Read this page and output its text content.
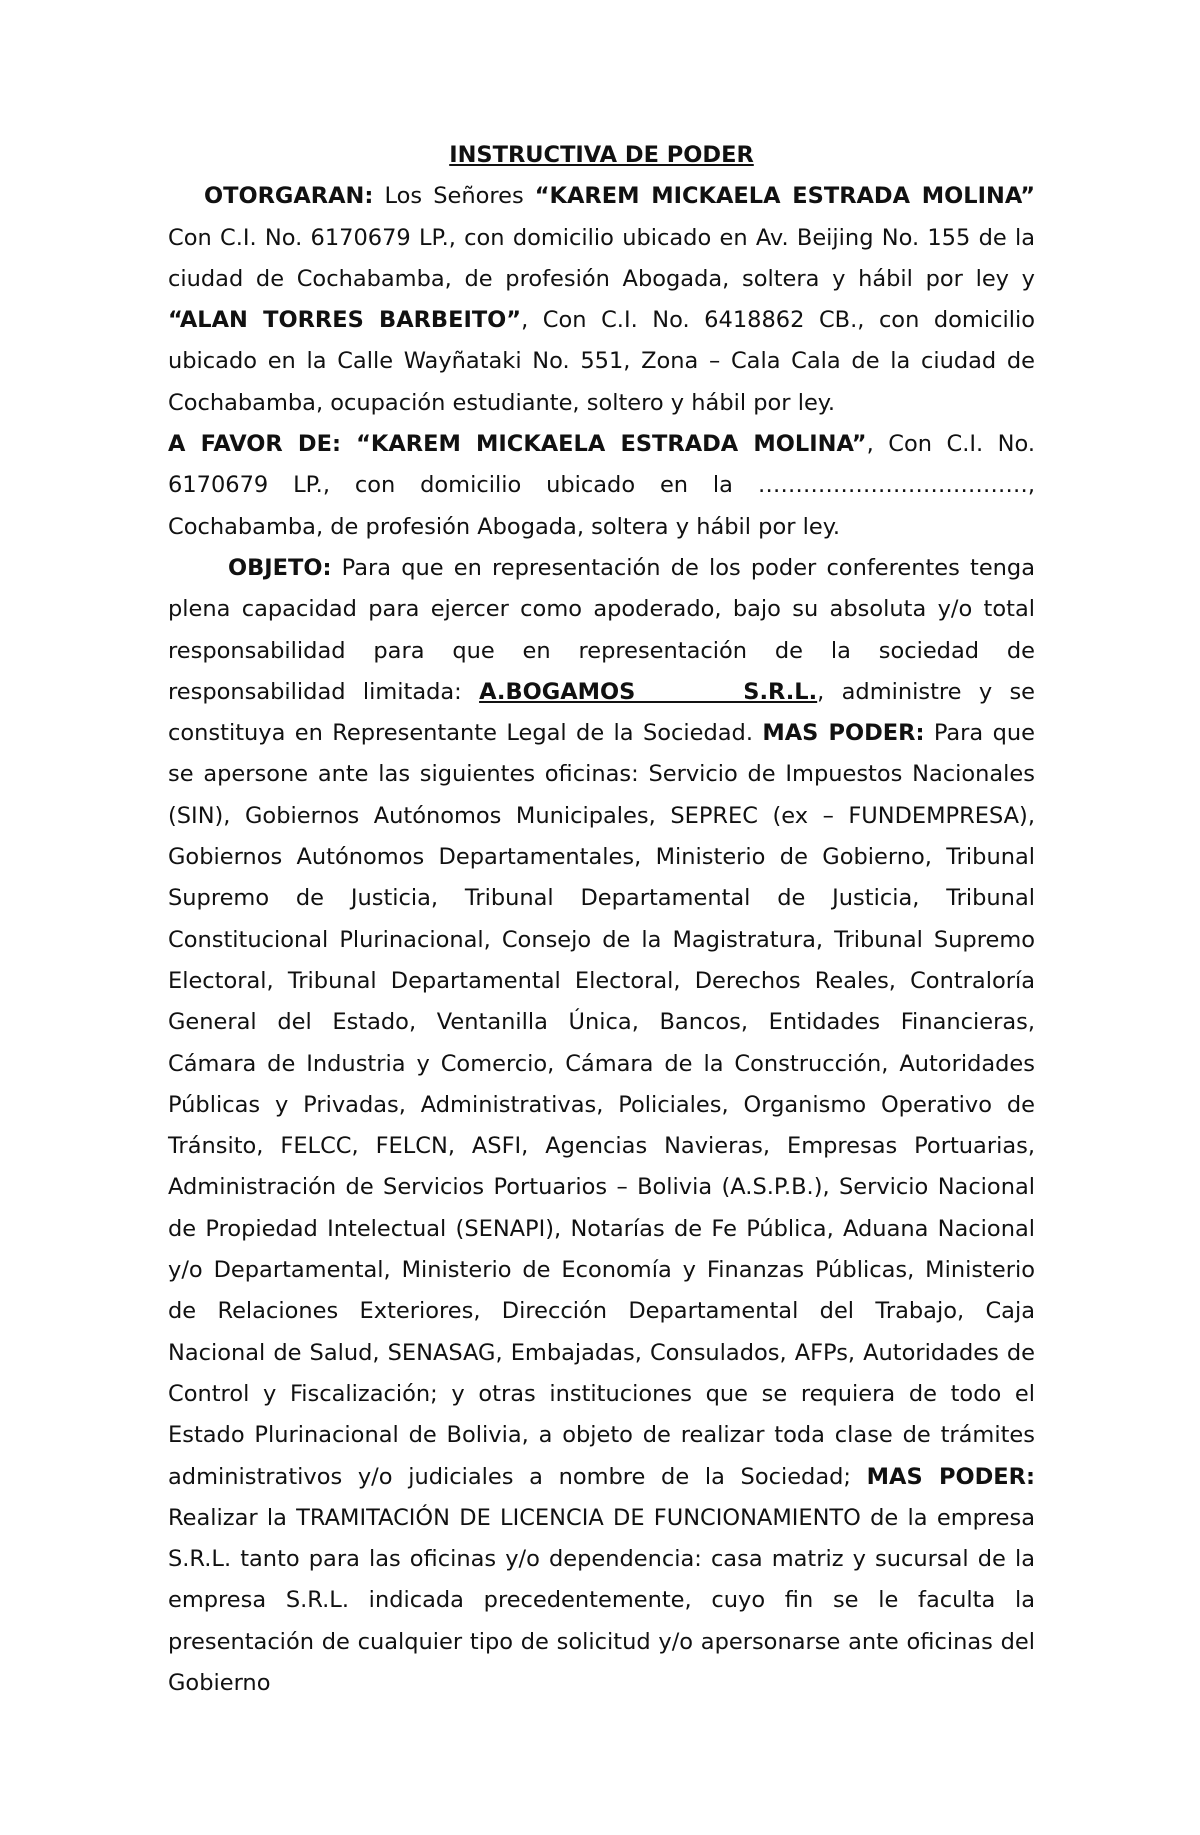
INSTRUCTIVA DE PODER

OTORGARAN: Los Señores “KAREM MICKAELA ESTRADA MOLINA” Con C.I. No. 6170679 LP., con domicilio ubicado en Av. Beijing No. 155 de la ciudad de Cochabamba, de profesión Abogada, soltera y hábil por ley y “ALAN TORRES BARBEITO”, Con C.I. No. 6418862 CB., con domicilio ubicado en la Calle Wayñataki No. 551, Zona – Cala Cala de la ciudad de Cochabamba, ocupación estudiante, soltero y hábil por ley.

A FAVOR DE: “KAREM MICKAELA ESTRADA MOLINA”, Con C.I. No. 6170679 LP., con domicilio ubicado en la ………………………………, Cochabamba, de profesión Abogada, soltera y hábil por ley.

OBJETO: Para que en representación de los poder conferentes tenga plena capacidad para ejercer como apoderado, bajo su absoluta y/o total responsabilidad para que en representación de la sociedad de responsabilidad limitada: A.BOGAMOS      S.R.L., administre y se constituya en Representante Legal de la Sociedad. MAS PODER: Para que se apersone ante las siguientes oficinas: Servicio de Impuestos Nacionales (SIN), Gobiernos Autónomos Municipales, SEPREC (ex – FUNDEMPRESA), Gobiernos Autónomos Departamentales, Ministerio de Gobierno, Tribunal Supremo de Justicia, Tribunal Departamental de Justicia, Tribunal Constitucional Plurinacional, Consejo de la Magistratura, Tribunal Supremo Electoral, Tribunal Departamental Electoral, Derechos Reales, Contraloría General del Estado, Ventanilla Única, Bancos, Entidades Financieras, Cámara de Industria y Comercio, Cámara de la Construcción, Autoridades Públicas y Privadas, Administrativas, Policiales, Organismo Operativo de Tránsito, FELCC, FELCN, ASFI, Agencias Navieras, Empresas Portuarias, Administración de Servicios Portuarios – Bolivia (A.S.P.B.), Servicio Nacional de Propiedad Intelectual (SENAPI), Notarías de Fe Pública, Aduana Nacional y/o Departamental, Ministerio de Economía y Finanzas Públicas, Ministerio de Relaciones Exteriores, Dirección Departamental del Trabajo, Caja Nacional de Salud, SENASAG, Embajadas, Consulados, AFPs, Autoridades de Control y Fiscalización; y otras instituciones que se requiera de todo el Estado Plurinacional de Bolivia, a objeto de realizar toda clase de trámites administrativos y/o judiciales a nombre de la Sociedad; MAS PODER: Realizar la TRAMITACIÓN DE LICENCIA DE FUNCIONAMIENTO de la empresa S.R.L. tanto para las oficinas y/o dependencia: casa matriz y sucursal de la empresa S.R.L. indicada precedentemente, cuyo fin se le faculta la presentación de cualquier tipo de solicitud y/o apersonarse ante oficinas del Gobierno
